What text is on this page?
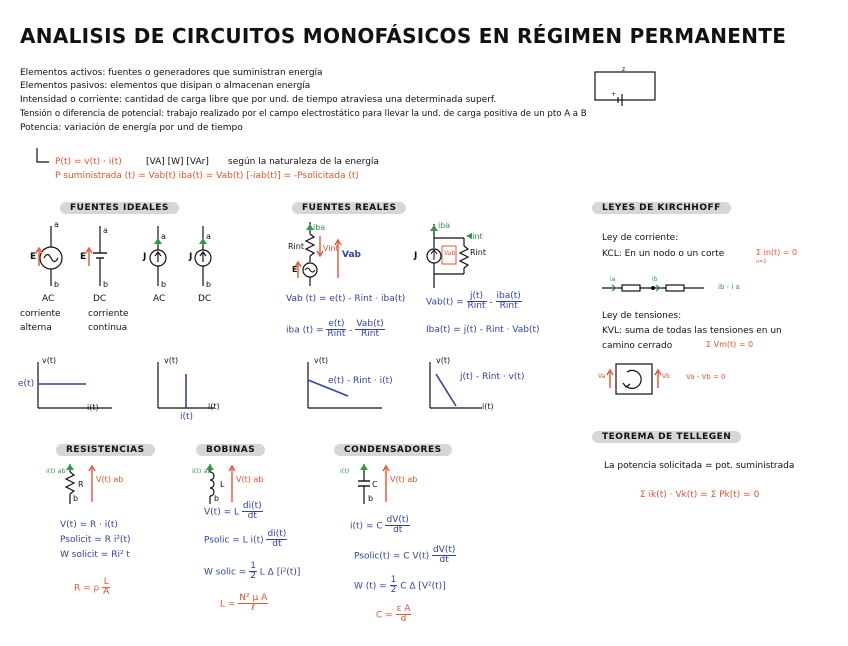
ANALISIS DE CIRCUITOS MONOFÁSICOS EN RÉGIMEN PERMANENTE
Elementos activos: fuentes o generadores que suministran energía
Elementos pasivos: elementos que disipan o almacenan energía
Intensidad o corriente: cantidad de carga libre que por und. de tiempo atraviesa una determinada superf.
Tensión o diferencia de potencial: trabajo realizado por el campo electrostático para llevar la und. de carga positiva de un pto A a B
Potencia: variación de energía por und de tiempo
z
+
P(t) = v(t) · i(t)	[VA] [W] [VAr] según la naturaleza de la energía
P suministrada (t) = Vab(t) iba(t) = Vab(t) [-iab(t)] = -Psolicitada (t)
FUENTES IDEALES
a
b
a
b
a
b
a
b
E	E	J	J
AC	DC	AC	DC
corriente
alterna
corriente
continua
v(t)
e(t)
i(t)
v(t)
i(t)
i(t)
FUENTES REALES
iba
Rint Vint
Vab
E
iba
iint
Rint
J	Vab
Vab (t) = e(t) - Rint · iba(t)
iba $(t) = \frac{e(t)}{\text{Rint}} - \frac{\text{Vab(t)}}{\text{Rint}}$
$Vab(t) = \frac{j(t)}{\text{Rint}} - \frac{\text{iba(t)}}{\text{Rint}}$
Iba(t) = j(t) - Rint · Vab(t)
v(t)
e(t) - Rint · i(t)
v(t)
j(t) - Rint · v(t)
i(t)
LEYES DE KIRCHHOFF
Ley de corriente:
KCL: En un nodo o un corte	Σ in(t) = 0
n=1
ia	ib
ib - i a
Ley de tensiones:
KVL: suma de todas las tensiones en un
camino cerrado	Σ Vm(t) = 0
Va	Vb Va - Vb = 0
TEOREMA DE TELLEGEN
La potencia solicitada = pot. suministrada
Σ ik(t) · Vk(t) = Σ Pk(t) = 0
RESISTENCIAS
i(t) ab
R
V(t) ab
b
V(t) = R · i(t)
Psolicit = R i²(t)
W solicit = Ri² t
R = ρ $\frac{L}{A}$
BOBINAS
i(t) ab
L
V(t) ab
b
V(t) = L $\frac{di(t)}{dt}$
Psolic = L $i(t) \frac{di(t)}{dt}$
W solic = $\frac{1}{2}$ L Δ [i²(t)]
$L = \frac{\text{N² μ A}}{\text{ℓ}}$
CONDENSADORES
i(t)
C
V(t) ab
b
i(t) = C $\frac{dV(t)}{dt}$
Psolic(t) = C $V(t) \frac{dV(t)}{dt}$
W $(t) = \frac{1}{2}$ C Δ [V²(t)]
$C = \frac{\text{ε A}}{d}$
